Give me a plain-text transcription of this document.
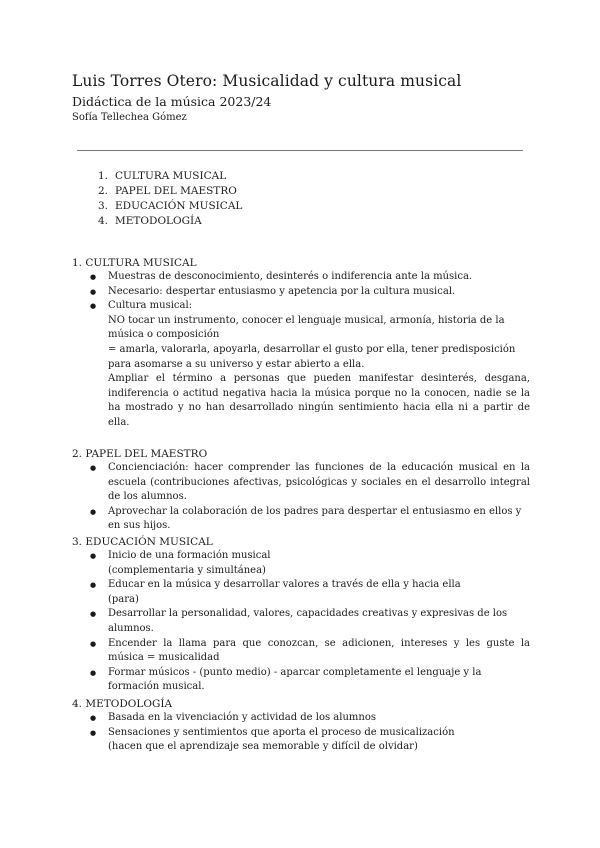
Luis Torres Otero: Musicalidad y cultura musical
Didáctica de la música 2023/24
Sofía Tellechea Gómez
1. CULTURA MUSICAL
2. PAPEL DEL MAESTRO
3. EDUCACIÓN MUSICAL
4. METODOLOGÍA
1. CULTURA MUSICAL
● Muestras de desconocimiento, desinterés o indiferencia ante la música.
● Necesario: despertar entusiasmo y apetencia por la cultura musical.
● Cultura musical:
NO tocar un instrumento, conocer el lenguaje musical, armonía, historia de la música o composición
= amarla, valorarla, apoyarla, desarrollar el gusto por ella, tener predisposición para asomarse a su universo y estar abierto a ella.
Ampliar el término a personas que pueden manifestar desinterés, desgana, indiferencia o actitud negativa hacia la música porque no la conocen, nadie se la ha mostrado y no han desarrollado ningún sentimiento hacia ella ni a partir de ella.
2. PAPEL DEL MAESTRO
● Concienciación: hacer comprender las funciones de la educación musical en la escuela (contribuciones afectivas, psicológicas y sociales en el desarrollo integral de los alumnos.
● Aprovechar la colaboración de los padres para despertar el entusiasmo en ellos y en sus hijos.
3. EDUCACIÓN MUSICAL
● Inicio de una formación musical
(complementaria y simultánea)
● Educar en la música y desarrollar valores a través de ella y hacia ella
(para)
● Desarrollar la personalidad, valores, capacidades creativas y expresivas de los alumnos.
● Encender la llama para que conozcan, se adicionen, intereses y les guste la música = musicalidad
● Formar músicos - (punto medio) - aparcar completamente el lenguaje y la formación musical.
4. METODOLOGÍA
● Basada en la vivenciación y actividad de los alumnos
● Sensaciones y sentimientos que aporta el proceso de musicalización
(hacen que el aprendizaje sea memorable y difícil de olvidar)
